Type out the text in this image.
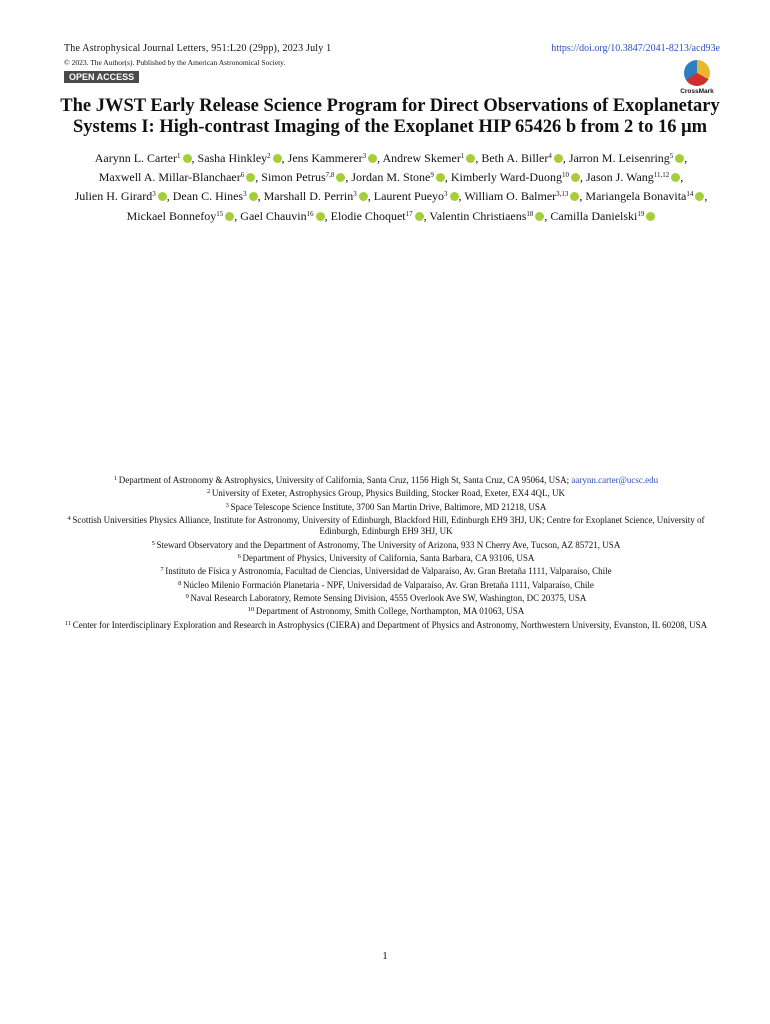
The Astrophysical Journal Letters, 951:L20 (29pp), 2023 July 1	https://doi.org/10.3847/2041-8213/acd93e
© 2023. The Author(s). Published by the American Astronomical Society.
OPEN ACCESS
CrossMark
The JWST Early Release Science Program for Direct Observations of Exoplanetary Systems I: High-contrast Imaging of the Exoplanet HIP 65426 b from 2 to 16 μm
Aarynn L. Carter$^1$ , Sasha Hinkley$^2$ , Jens Kammerer$^3$ , Andrew Skemer$^1$ , Beth A. Biller$^4$ , Jarron M. Leisenring$^5$ , Maxwell A. Millar-Blanchaer$^6$ , Simon Petrus$^{7,8}$ , Jordan M. Stone$^9$ , Kimberly Ward-Duong$^{10}$ , Jason J. Wang$^{11,12}$ , Julien H. Girard$^3$ , Dean C. Hines$^3$ , Marshall D. Perrin$^3$ , Laurent Pueyo$^3$ , William O. Balmer$^{3,13}$ , Mariangela Bonavita$^{14}$ , Mickael Bonnefoy$^{15}$ , Gael Chauvin$^{16}$ , Elodie Choquet$^{17}$ , Valentin Christiaens$^{18}$ , Camilla Danielski$^{19}$
$^1$ Department of Astronomy & Astrophysics, University of California, Santa Cruz, 1156 High St, Santa Cruz, CA 95064, USA; aarynn.carter@ucsc.edu
$^2$ University of Exeter, Astrophysics Group, Physics Building, Stocker Road, Exeter, EX4 4QL, UK
$^3$ Space Telescope Science Institute, 3700 San Martin Drive, Baltimore, MD 21218, USA
$^4$ Scottish Universities Physics Alliance, Institute for Astronomy, University of Edinburgh, Blackford Hill, Edinburgh EH9 3HJ, UK; Centre for Exoplanet Science, University of Edinburgh, Edinburgh EH9 3HJ, UK
$^5$ Steward Observatory and the Department of Astronomy, The University of Arizona, 933 N Cherry Ave, Tucson, AZ 85721, USA
$^6$ Department of Physics, University of California, Santa Barbara, CA 93106, USA
$^7$ Instituto de Física y Astronomía, Facultad de Ciencias, Universidad de Valparaíso, Av. Gran Bretaña 1111, Valparaíso, Chile
$^8$ Núcleo Milenio Formación Planetaria - NPF, Universidad de Valparaíso, Av. Gran Bretaña 1111, Valparaíso, Chile
$^9$ Naval Research Laboratory, Remote Sensing Division, 4555 Overlook Ave SW, Washington, DC 20375, USA
$^{10}$ Department of Astronomy, Smith College, Northampton, MA 01063, USA
$^{11}$ Center for Interdisciplinary Exploration and Research in Astrophysics (CIERA) and Department of Physics and Astronomy, Northwestern University, Evanston, IL 60208, USA
1
